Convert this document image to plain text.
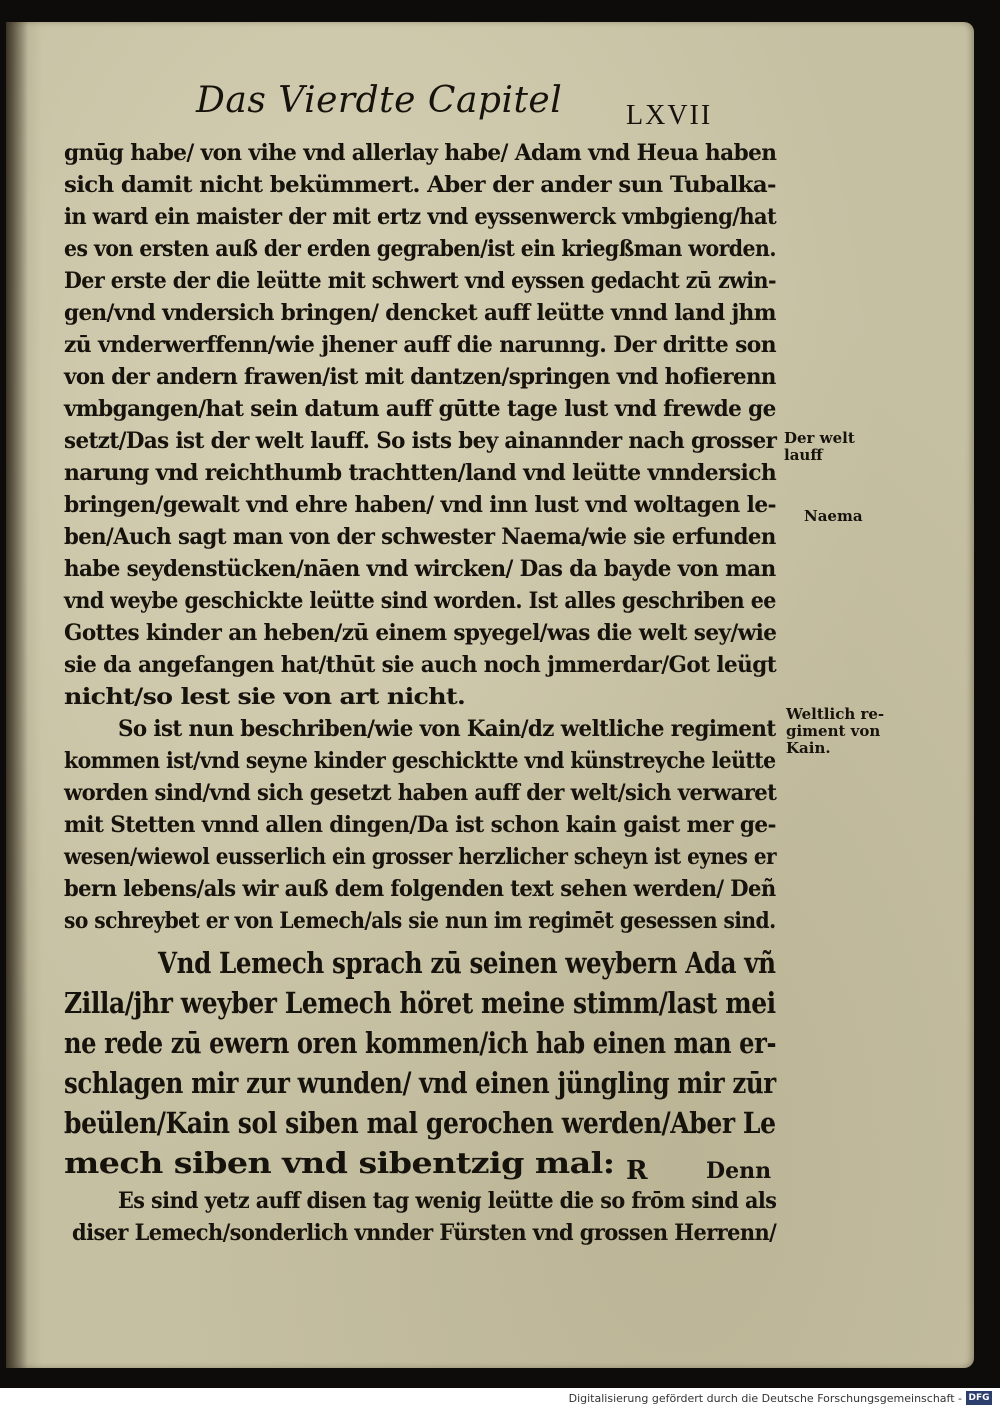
Das Vierdte Capitel LXVII
gnūg habe/ von vihe vnd allerlay habe/ Adam vnd Heua haben
sich damit nicht bekümmert. Aber der ander sun Tubalka-
in ward ein maister der mit ertz vnd eyssenwerck vmbgieng/hat
es von ersten auß der erden gegraben/ist ein kriegßman worden.
Der erste der die leütte mit schwert vnd eyssen gedacht zū zwin-
gen/vnd vndersich bringen/ dencket auff leütte vnnd land jhm
zū vnderwerffenn/wie jhener auff die narunng. Der dritte son
von der andern frawen/ist mit dantzen/springen vnd hofierenn
vmbgangen/hat sein datum auff gūtte tage lust vnd frewde ge
setzt/Das ist der welt lauff. So ists bey ainannder nach grosser
narung vnd reichthumb trachtten/land vnd leütte vnndersich
bringen/gewalt vnd ehre haben/ vnd inn lust vnd woltagen le-
ben/Auch sagt man von der schwester Naema/wie sie erfunden
habe seydenstücken/nāen vnd wircken/ Das da bayde von man
vnd weybe geschickte leütte sind worden. Ist alles geschriben ee
Gottes kinder an heben/zū einem spyegel/was die welt sey/wie
sie da angefangen hat/thūt sie auch noch jmmerdar/Got leügt
nicht/so lest sie von art nicht.
So ist nun beschriben/wie von Kain/dz weltliche regiment
kommen ist/vnd seyne kinder geschicktte vnd künstreyche leütte
worden sind/vnd sich gesetzt haben auff der welt/sich verwaret
mit Stetten vnnd allen dingen/Da ist schon kain gaist mer ge-
wesen/wiewol eusserlich ein grosser herzlicher scheyn ist eynes er
bern lebens/als wir auß dem folgenden text sehen werden/ Deñ
so schreybet er von Lemech/als sie nun im regimēt gesessen sind.
Vnd Lemech sprach zū seinen weybern Ada vñ
Zilla/jhr weyber Lemech höret meine stimm/last mei
ne rede zū ewern oren kommen/ich hab einen man er-
schlagen mir zur wunden/ vnd einen jüngling mir zūr
beülen/Kain sol siben mal gerochen werden/Aber Le
mech siben vnd sibentzig mal:
Es sind yetz auff disen tag wenig leütte die so frōm sind als
diser Lemech/sonderlich vnnder Fürsten vnd grossen Herrenn/
R	Denn
Der welt
lauff
Naema
Weltlich re-
giment von
Kain.
Digitalisierung gefördert durch die Deutsche Forschungsgemeinschaft - DFG
